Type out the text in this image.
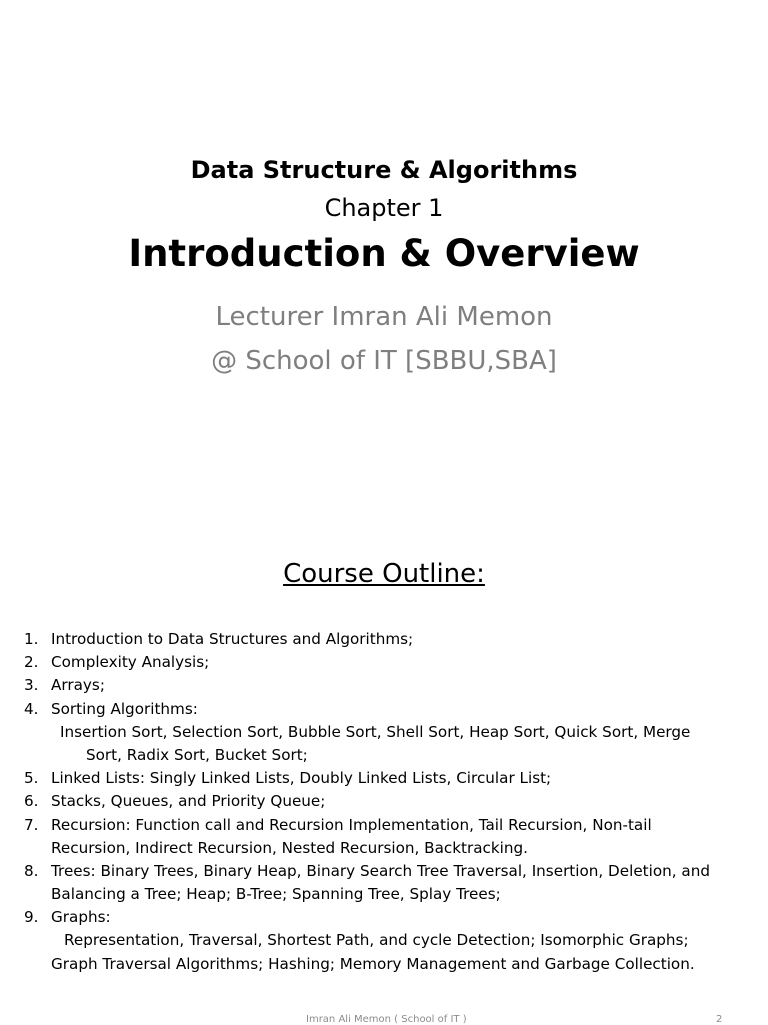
Data Structure & Algorithms
Chapter 1
Introduction & Overview
Lecturer Imran Ali Memon
@ School of IT [SBBU,SBA]
Course Outline:
1. Introduction to Data Structures and Algorithms;
2. Complexity Analysis;
3. Arrays;
4. Sorting Algorithms:
Insertion Sort, Selection Sort, Bubble Sort, Shell Sort, Heap Sort, Quick Sort, Merge
Sort, Radix Sort, Bucket Sort;
5. Linked Lists: Singly Linked Lists, Doubly Linked Lists, Circular List;
6. Stacks, Queues, and Priority Queue;
7. Recursion: Function call and Recursion Implementation, Tail Recursion, Non-tail
Recursion, Indirect Recursion, Nested Recursion, Backtracking.
8. Trees: Binary Trees, Binary Heap, Binary Search Tree Traversal, Insertion, Deletion, and
Balancing a Tree; Heap; B-Tree; Spanning Tree, Splay Trees;
9. Graphs:
Representation, Traversal, Shortest Path, and cycle Detection; Isomorphic Graphs;
Graph Traversal Algorithms; Hashing; Memory Management and Garbage Collection.
Imran Ali Memon ( School of IT )	2
